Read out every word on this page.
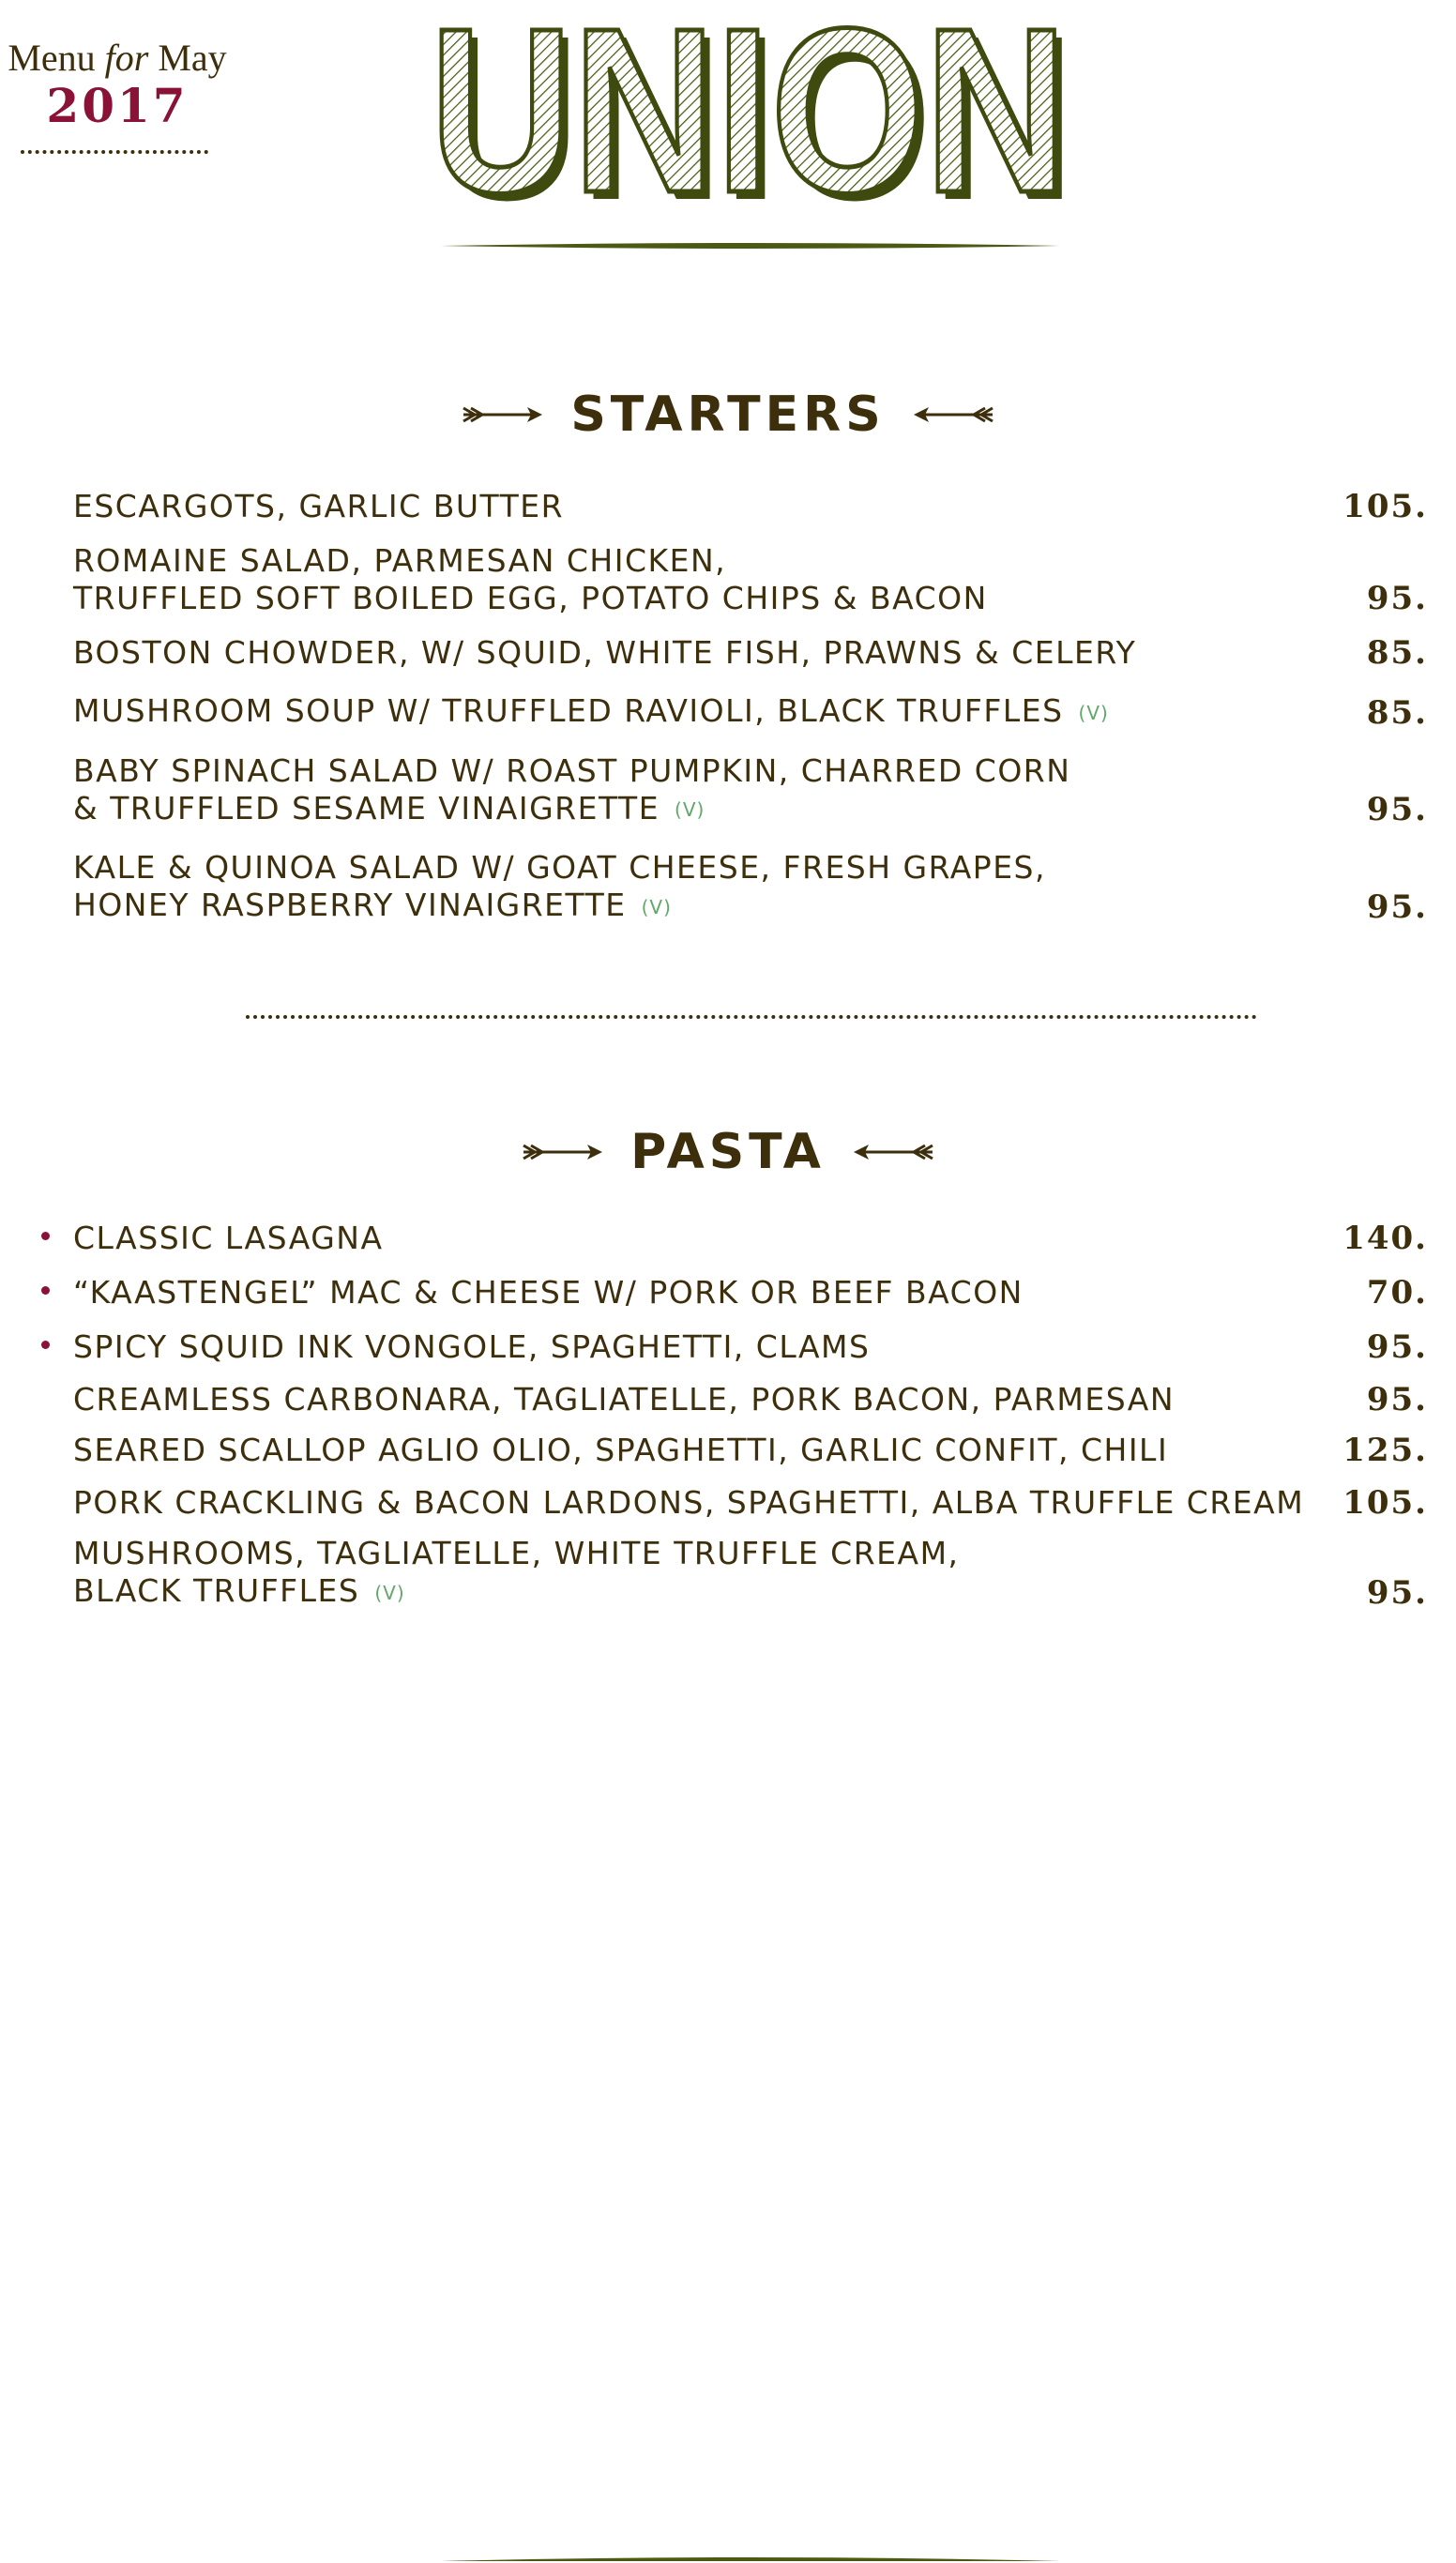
Menu for May
2017 UNION
UNION
STARTERS
ESCARGOTS, GARLIC BUTTER	105.
ROMAINE SALAD, PARMESAN CHICKEN,
TRUFFLED SOFT BOILED EGG, POTATO CHIPS & BACON	95.
BOSTON CHOWDER, W/ SQUID, WHITE FISH, PRAWNS & CELERY	85.
MUSHROOM SOUP W/ TRUFFLED RAVIOLI, BLACK TRUFFLES (V)	85.
BABY SPINACH SALAD W/ ROAST PUMPKIN, CHARRED CORN
& TRUFFLED SESAME VINAIGRETTE (V)	95.
KALE & QUINOA SALAD W/ GOAT CHEESE, FRESH GRAPES,
HONEY RASPBERRY VINAIGRETTE (V)	95.
PASTA
CLASSIC LASAGNA	140.
“KAASTENGEL” MAC & CHEESE W/ PORK OR BEEF BACON	70.
SPICY SQUID INK VONGOLE, SPAGHETTI, CLAMS	95.
CREAMLESS CARBONARA, TAGLIATELLE, PORK BACON, PARMESAN	95.
SEARED SCALLOP AGLIO OLIO, SPAGHETTI, GARLIC CONFIT, CHILI	125.
PORK CRACKLING & BACON LARDONS, SPAGHETTI, ALBA TRUFFLE CREAM	105.
MUSHROOMS, TAGLIATELLE, WHITE TRUFFLE CREAM,
BLACK TRUFFLES (V)	95.
